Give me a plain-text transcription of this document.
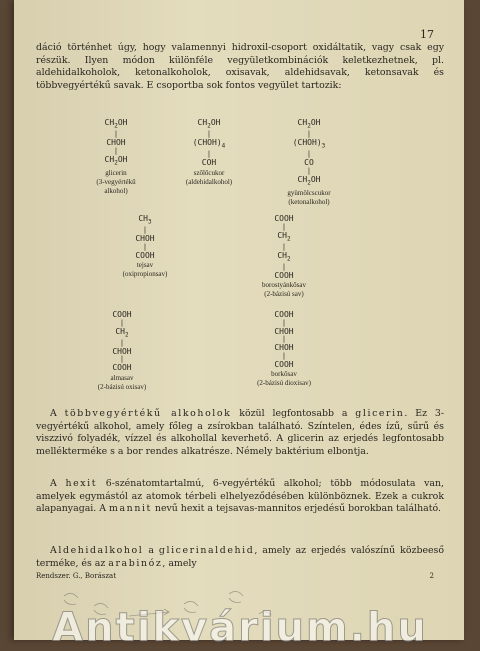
17

dáció történhet úgy, hogy valamennyi hidroxil-csoport oxidáltatik, vagy csak egy részük. Ilyen módon különféle vegyületkombinációk keletkezhetnek, pl. aldehidalkoholok, ketonalkoholok, oxisavak, aldehidsavak, ketonsavak és többvegyértékű savak. E csoportba sok fontos vegyület tartozik:

$CH_2OH$
|
CHOH
|
$CH_2OH$
glicerin
(3-vegyértékű
alkohol)
$CH_2OH$
|
$(CHOH)_4$
|
COH
szőlőcukor
(aldehidalkohol)
$CH_2OH$
|
$(CHOH)_3$
|
CO
|
$CH_2OH$
gyümölcscukor
(ketonalkohol)
$CH_3$
|
CHOH
|
COOH
tejsav
(oxipropionsav)
COOH
|
$CH_2$
|
$CH_2$
|
COOH
borostyánkősav
(2-bázisú sav)
COOH
|
$CH_2$
|
CHOH
|
COOH
almasav
(2-bázisú oxisav)
COOH
|
CHOH
|
CHOH
|
COOH
borkősav
(2-bázisú dioxisav)

A többvegyértékű alkoholok közül legfontosabb a glicerin. Ez 3-vegyértékű alkohol, amely főleg a zsírokban található. Színtelen, édes ízű, sűrű és viszzivó folyadék, vízzel és alkohollal keverhető. A glicerin az erjedés legfontosabb mellékterméke s a bor rendes alkatrésze. Némely baktérium elbontja.

A hexit 6-szénatomtartalmú, 6-vegyértékű alkohol; több módosulata van, amelyek egymástól az atomok térbeli elhelyeződésében különböznek. Ezek a cukrok alapanyagai. A mannit nevű hexit a tejsavas-mannitos erjedésű borokban található.

Aldehidalkohol a glicerinaldehid, amely az erjedés valószínű közbeeső terméke, és az arabinóz, amely

Rendszer. G., Borászat	2
Antikvárium.hu
